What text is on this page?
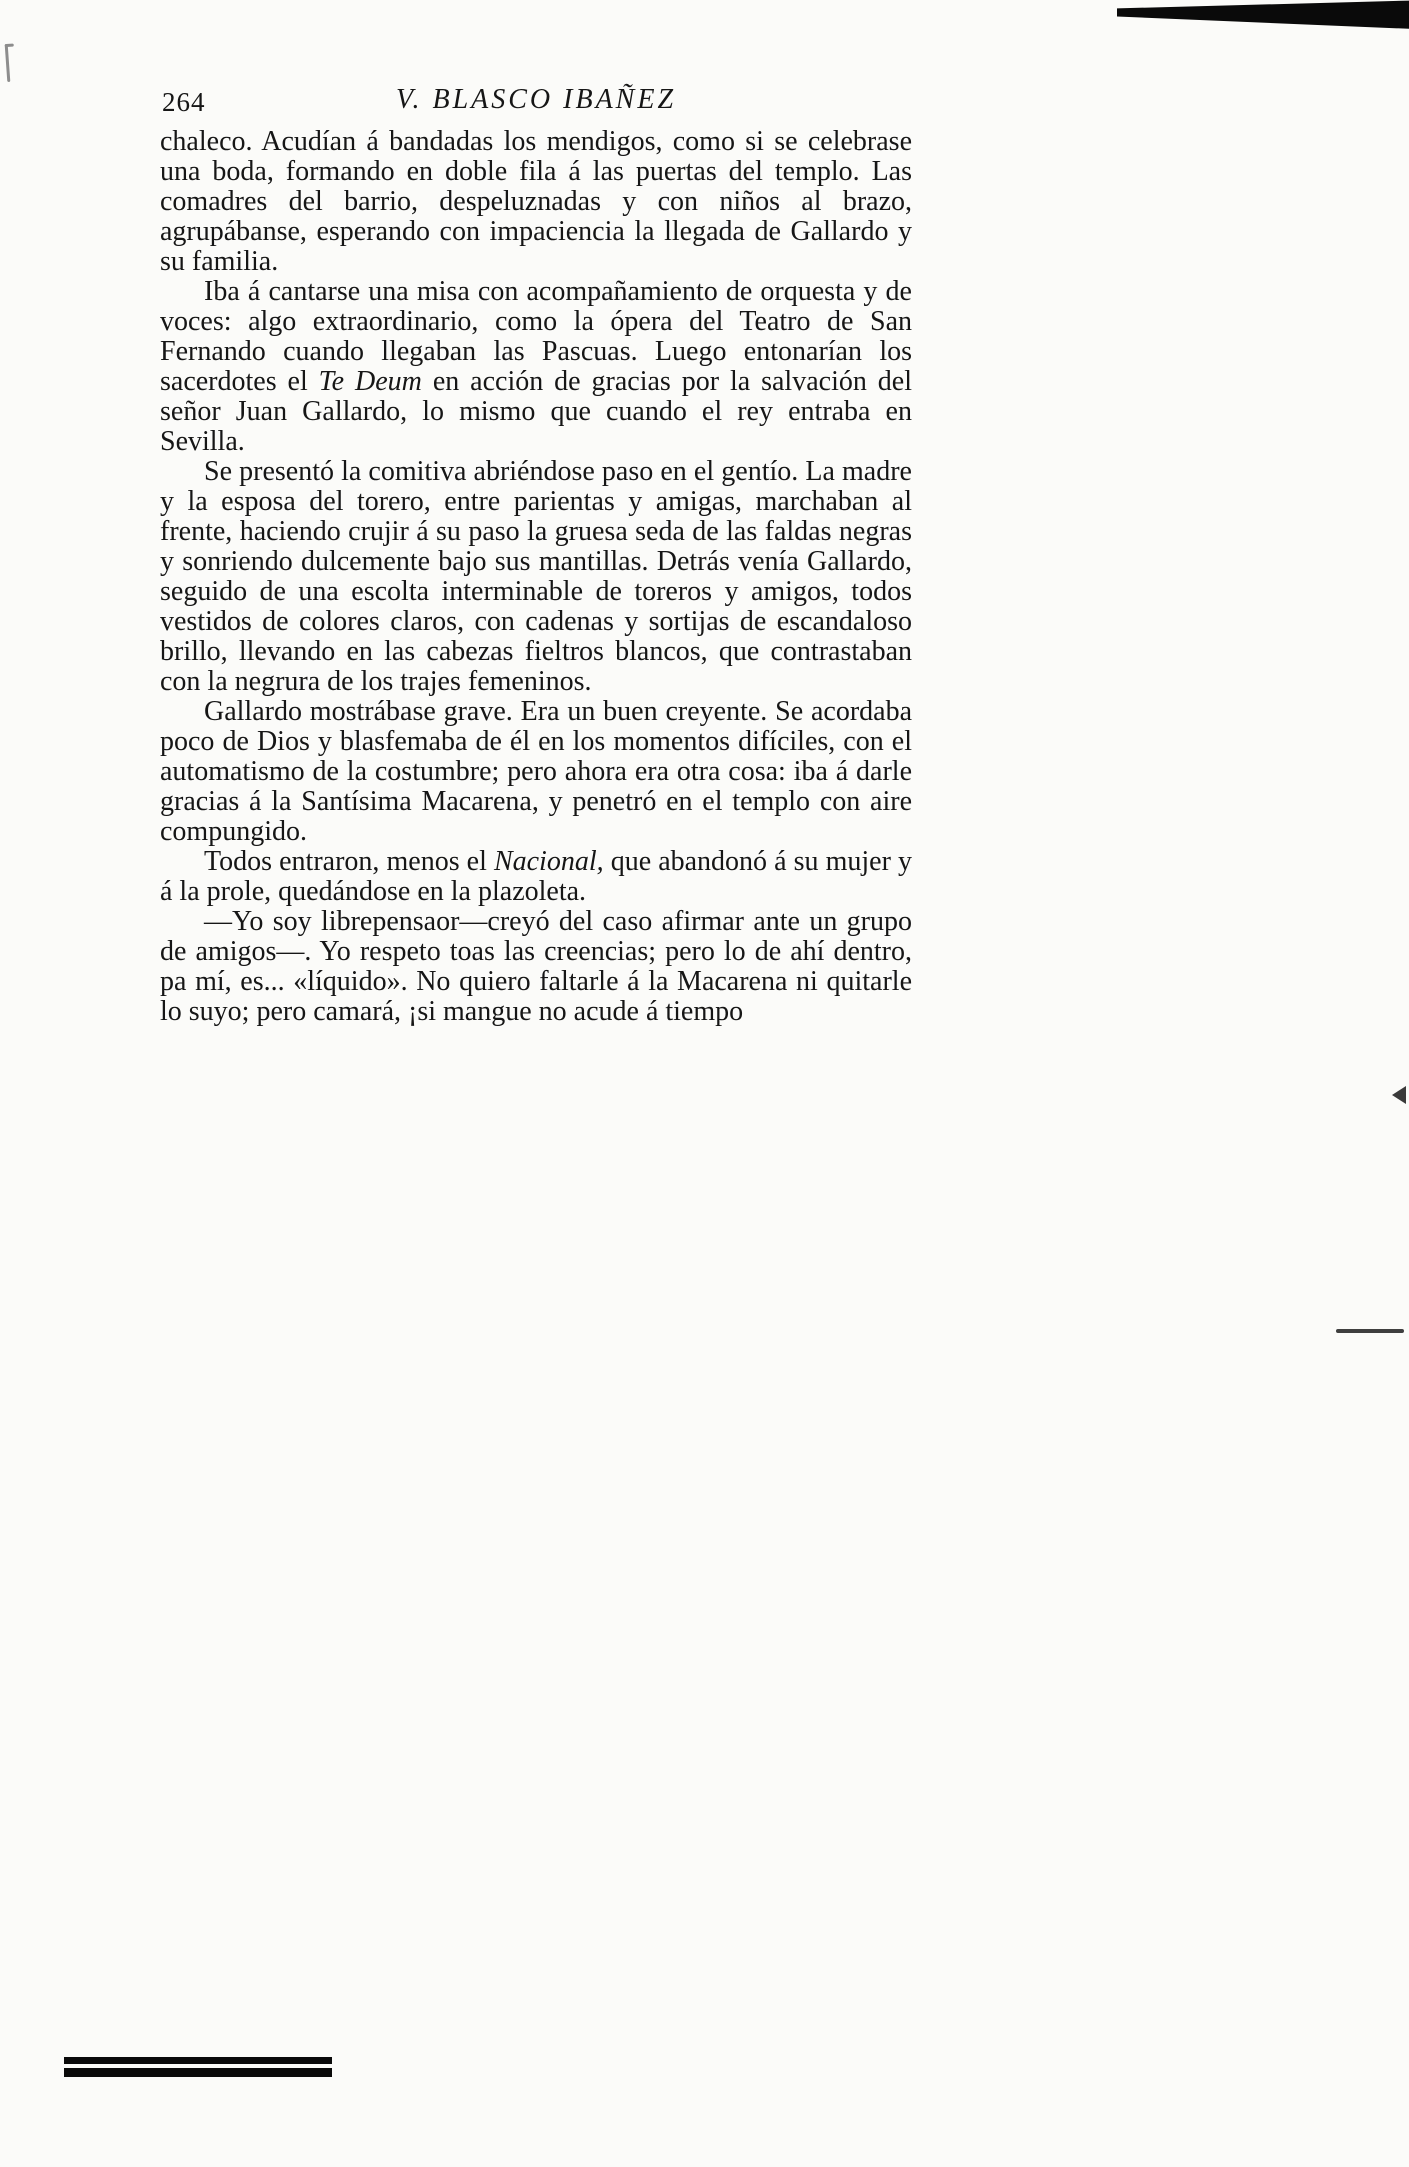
264	V. BLASCO IBAÑEZ

chaleco. Acudían á bandadas los mendigos, como si se celebrase una boda, formando en doble fila á las puertas del templo. Las comadres del barrio, despeluznadas y con niños al brazo, agrupábanse, esperando con impaciencia la llegada de Gallardo y su familia.

Iba á cantarse una misa con acompañamiento de orquesta y de voces: algo extraordinario, como la ópera del Teatro de San Fernando cuando llegaban las Pascuas. Luego entonarían los sacerdotes el Te Deum en acción de gracias por la salvación del señor Juan Gallardo, lo mismo que cuando el rey entraba en Sevilla.

Se presentó la comitiva abriéndose paso en el gentío. La madre y la esposa del torero, entre parientas y amigas, marchaban al frente, haciendo crujir á su paso la gruesa seda de las faldas negras y sonriendo dulcemente bajo sus mantillas. Detrás venía Gallardo, seguido de una escolta interminable de toreros y amigos, todos vestidos de colores claros, con cadenas y sortijas de escandaloso brillo, llevando en las cabezas fieltros blancos, que contrastaban con la negrura de los trajes femeninos.

Gallardo mostrábase grave. Era un buen creyente. Se acordaba poco de Dios y blasfemaba de él en los momentos difíciles, con el automatismo de la costumbre; pero ahora era otra cosa: iba á darle gracias á la Santísima Macarena, y penetró en el templo con aire compungido.

Todos entraron, menos el Nacional, que abandonó á su mujer y á la prole, quedándose en la plazoleta.

—Yo soy librepensaor—creyó del caso afirmar ante un grupo de amigos—. Yo respeto toas las creencias; pero lo de ahí dentro, pa mí, es... «líquido». No quiero faltarle á la Macarena ni quitarle lo suyo; pero camará, ¡si mangue no acude á tiempo
